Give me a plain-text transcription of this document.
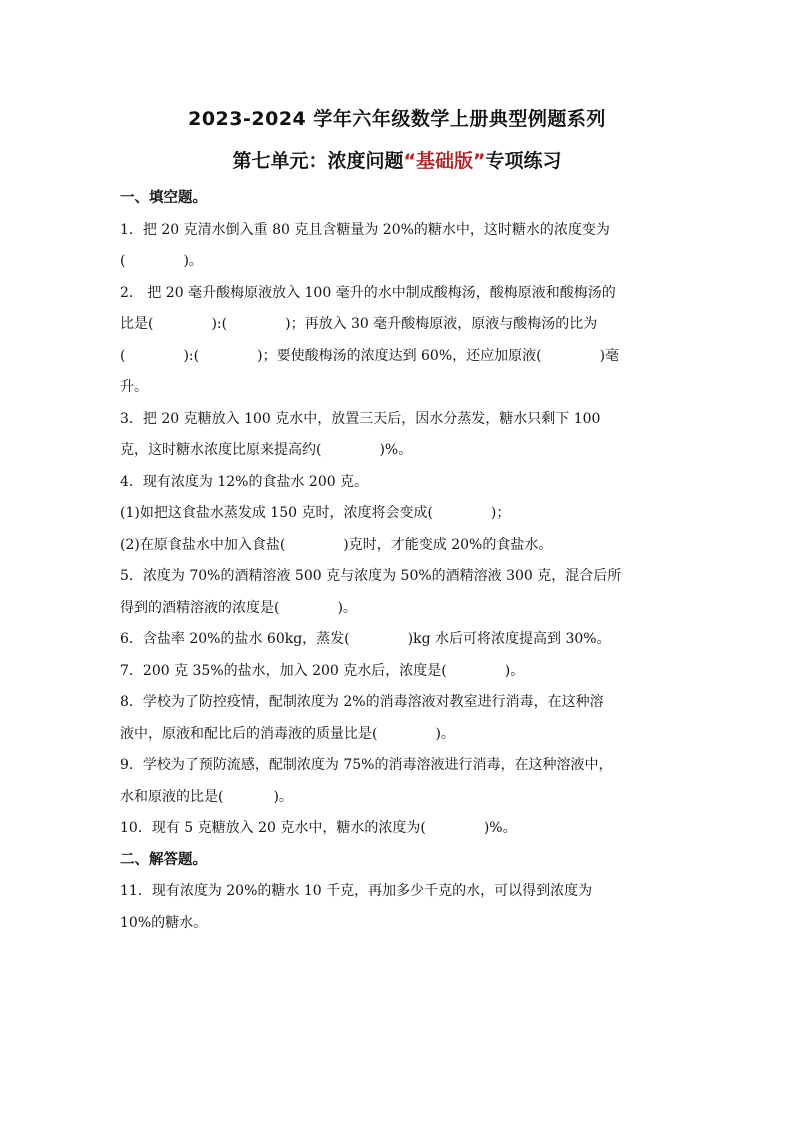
2023-2024 学年六年级数学上册典型例题系列
第七单元：浓度问题“基础版”专项练习
一、填空题。
1．把 20 克清水倒入重 80 克且含糖量为 20%的糖水中，这时糖水的浓度变为
(	)。
2． 把 20 毫升酸梅原液放入 100 毫升的水中制成酸梅汤，酸梅原液和酸梅汤的
比是(	):(	)；再放入 30 毫升酸梅原液，原液与酸梅汤的比为
(	):(	)；要使酸梅汤的浓度达到 60%，还应加原液(	)毫
升。
3．把 20 克糖放入 100 克水中，放置三天后，因水分蒸发，糖水只剩下 100
克，这时糖水浓度比原来提高约(	)%。
4．现有浓度为 12%的食盐水 200 克。
(1)如把这食盐水蒸发成 150 克时，浓度将会变成(	)；
(2)在原食盐水中加入食盐(	)克时，才能变成 20%的食盐水。
5．浓度为 70%的酒精溶液 500 克与浓度为 50%的酒精溶液 300 克，混合后所
得到的酒精溶液的浓度是(	)。
6．含盐率 20%的盐水 60kg，蒸发(	)kg 水后可将浓度提高到 30%。
7．200 克 35%的盐水，加入 200 克水后，浓度是(	)。
8．学校为了防控疫情，配制浓度为 2%的消毒溶液对教室进行消毒，在这种溶
液中，原液和配比后的消毒液的质量比是(	)。
9．学校为了预防流感，配制浓度为 75%的消毒溶液进行消毒，在这种溶液中，
水和原液的比是(	)。
10．现有 5 克糖放入 20 克水中，糖水的浓度为(	)%。
二、解答题。
11．现有浓度为 20%的糖水 10 千克，再加多少千克的水，可以得到浓度为
10%的糖水。
